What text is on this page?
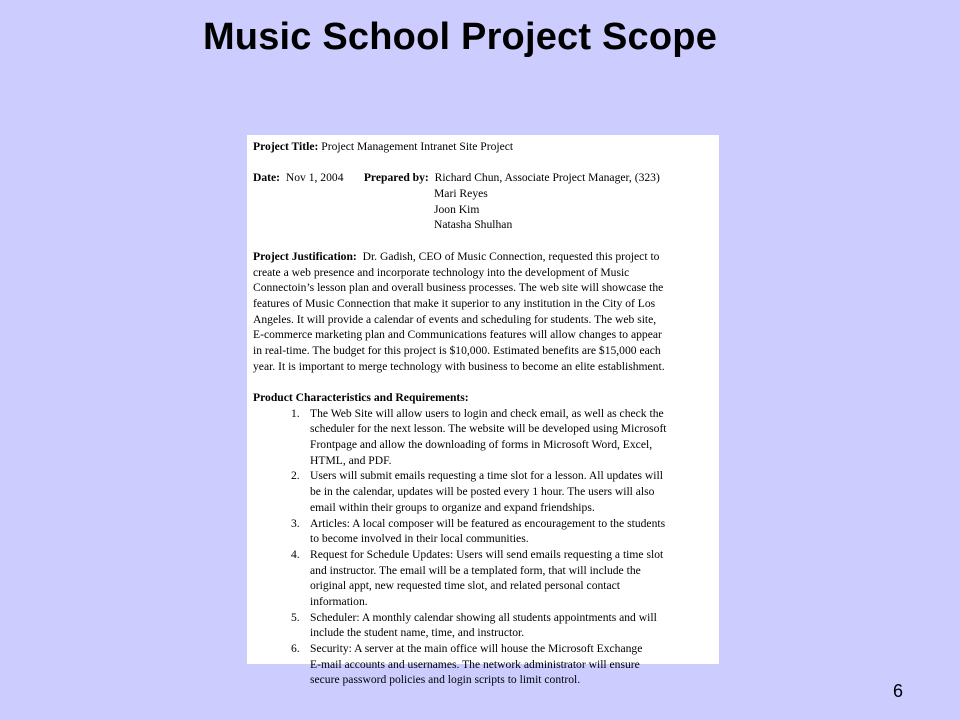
Music School Project Scope
Project Title: Project Management Intranet Site Project
Date: Nov 1, 2004 Prepared by: Richard Chun, Associate Project Manager, (323)
Mari Reyes
Joon Kim
Natasha Shulhan
Project Justification: Dr. Gadish, CEO of Music Connection, requested this project to
create a web presence and incorporate technology into the development of Music
Connectoin’s lesson plan and overall business processes. The web site will showcase the
features of Music Connection that make it superior to any institution in the City of Los
Angeles. It will provide a calendar of events and scheduling for students. The web site,
E-commerce marketing plan and Communications features will allow changes to appear
in real-time. The budget for this project is $10,000. Estimated benefits are $15,000 each
year. It is important to merge technology with business to become an elite establishment.
Product Characteristics and Requirements:
1. The Web Site will allow users to login and check email, as well as check the
scheduler for the next lesson. The website will be developed using Microsoft
Frontpage and allow the downloading of forms in Microsoft Word, Excel,
HTML, and PDF.
2. Users will submit emails requesting a time slot for a lesson. All updates will
be in the calendar, updates will be posted every 1 hour. The users will also
email within their groups to organize and expand friendships.
3. Articles: A local composer will be featured as encouragement to the students
to become involved in their local communities.
4. Request for Schedule Updates: Users will send emails requesting a time slot
and instructor. The email will be a templated form, that will include the
original appt, new requested time slot, and related personal contact
information.
5. Scheduler: A monthly calendar showing all students appointments and will
include the student name, time, and instructor.
6. Security: A server at the main office will house the Microsoft Exchange
E-mail accounts and usernames. The network administrator will ensure
secure password policies and login scripts to limit control.
6
